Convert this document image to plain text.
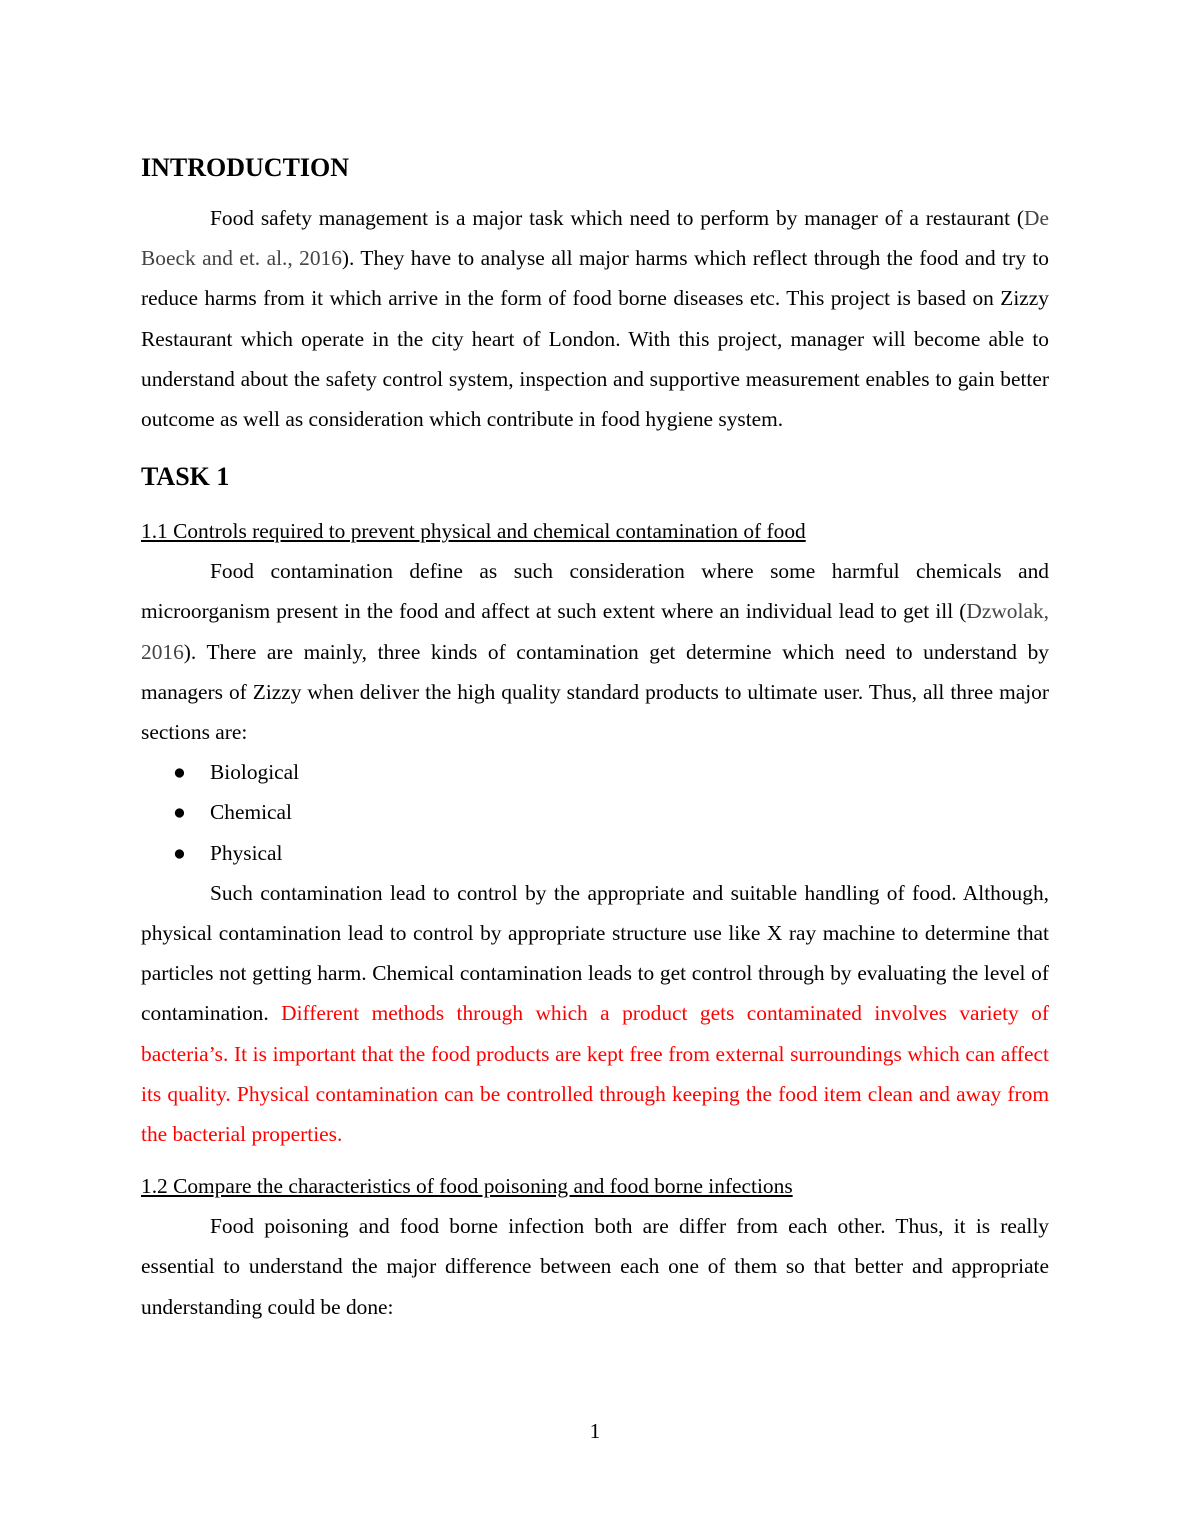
INTRODUCTION

Food safety management is a major task which need to perform by manager of a restaurant (De Boeck and et. al., 2016). They have to analyse all major harms which reflect through the food and try to reduce harms from it which arrive in the form of food borne diseases etc. This project is based on Zizzy Restaurant which operate in the city heart of London. With this project, manager will become able to understand about the safety control system, inspection and supportive measurement enables to gain better outcome as well as consideration which contribute in food hygiene system.

TASK 1

1.1 Controls required to prevent physical and chemical contamination of food

Food contamination define as such consideration where some harmful chemicals and microorganism present in the food and affect at such extent where an individual lead to get ill (Dzwolak, 2016). There are mainly, three kinds of contamination get determine which need to understand by managers of Zizzy when deliver the high quality standard products to ultimate user. Thus, all three major sections are:

● Biological
● Chemical
● Physical

Such contamination lead to control by the appropriate and suitable handling of food. Although, physical contamination lead to control by appropriate structure use like X ray machine to determine that particles not getting harm. Chemical contamination leads to get control through by evaluating the level of contamination. Different methods through which a product gets contaminated involves variety of bacteria’s. It is important that the food products are kept free from external surroundings which can affect its quality. Physical contamination can be controlled through keeping the food item clean and away from the bacterial properties.

1.2 Compare the characteristics of food poisoning and food borne infections

Food poisoning and food borne infection both are differ from each other. Thus, it is really essential to understand the major difference between each one of them so that better and appropriate understanding could be done:

1
